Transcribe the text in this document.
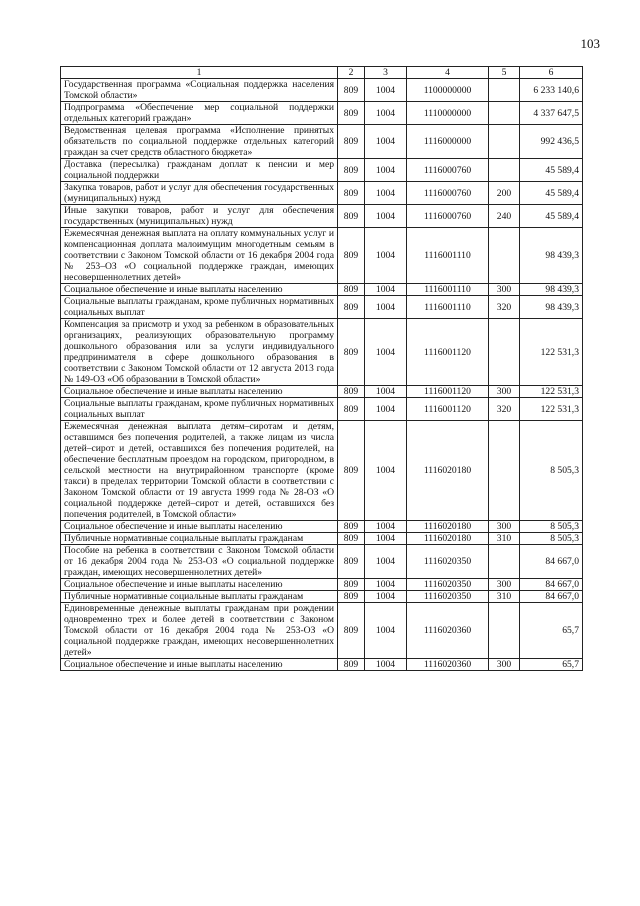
103
1	2	3	4	5	6
Государственная программа «Социальная поддержка населения Томской области»	809	1004	1100000000		6 233 140,6
Подпрограмма «Обеспечение мер социальной поддержки отдельных категорий граждан»	809	1004	1110000000		4 337 647,5
Ведомственная целевая программа «Исполнение принятых обязательств по социальной поддержке отдельных категорий граждан за счет средств областного бюджета»	809	1004	1116000000		992 436,5
Доставка (пересылка) гражданам доплат к пенсии и мер социальной поддержки	809	1004	1116000760		45 589,4
Закупка товаров, работ и услуг для обеспечения государственных (муниципальных) нужд	809	1004	1116000760	200	45 589,4
Иные закупки товаров, работ и услуг для обеспечения государственных (муниципальных) нужд	809	1004	1116000760	240	45 589,4
Ежемесячная денежная выплата на оплату коммунальных услуг и компенсационная доплата малоимущим многодетным семьям в соответствии с Законом Томской области от 16 декабря 2004 года № 253–ОЗ «О социальной поддержке граждан, имеющих несовершеннолетних детей»	809	1004	1116001110		98 439,3
Социальное обеспечение и иные выплаты населению	809	1004	1116001110	300	98 439,3
Социальные выплаты гражданам, кроме публичных нормативных социальных выплат	809	1004	1116001110	320	98 439,3
Компенсация за присмотр и уход за ребенком в образовательных организациях, реализующих образовательную программу дошкольного образования или за услуги индивидуального предпринимателя в сфере дошкольного образования в соответствии с Законом Томской области от 12 августа 2013 года № 149-ОЗ «Об образовании в Томской области»	809	1004	1116001120		122 531,3
Социальное обеспечение и иные выплаты населению	809	1004	1116001120	300	122 531,3
Социальные выплаты гражданам, кроме публичных нормативных социальных выплат	809	1004	1116001120	320	122 531,3
Ежемесячная денежная выплата детям–сиротам и детям, оставшимся без попечения родителей, а также лицам из числа детей–сирот и детей, оставшихся без попечения родителей, на обеспечение бесплатным проездом на городском, пригородном, в сельской местности на внутрирайонном транспорте (кроме такси) в пределах территории Томской области в соответствии с Законом Томской области от 19 августа 1999 года № 28-ОЗ «О социальной поддержке детей–сирот и детей, оставшихся без попечения родителей, в Томской области»	809	1004	1116020180		8 505,3
Социальное обеспечение и иные выплаты населению	809	1004	1116020180	300	8 505,3
Публичные нормативные социальные выплаты гражданам	809	1004	1116020180	310	8 505,3
Пособие на ребенка в соответствии с Законом Томской области от 16 декабря 2004 года № 253-ОЗ «О социальной поддержке граждан, имеющих несовершеннолетних детей»	809	1004	1116020350		84 667,0
Социальное обеспечение и иные выплаты населению	809	1004	1116020350	300	84 667,0
Публичные нормативные социальные выплаты гражданам	809	1004	1116020350	310	84 667,0
Единовременные денежные выплаты гражданам при рождении одновременно трех и более детей в соответствии с Законом Томской области от 16 декабря 2004 года № 253-ОЗ «О социальной поддержке граждан, имеющих несовершеннолетних детей»	809	1004	1116020360		65,7
Социальное обеспечение и иные выплаты населению	809	1004	1116020360	300	65,7
